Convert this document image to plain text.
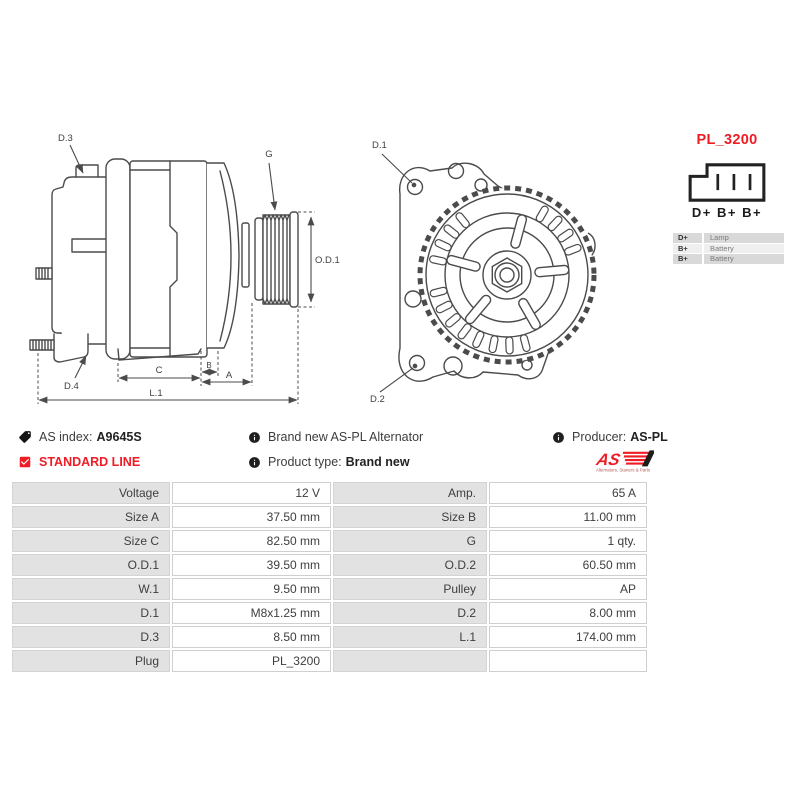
D.3
G
O.D.1
D.4
C	B
A
L.1
D.1
D.2
PL_3200
D+ B+ B+
D+	Lamp
B+	Battery
B+	Battery
AS index: A9645S
STANDARD LINE
Brand new AS-PL Alternator
Product type: Brand new
Producer: AS-PL
AS
Alternators, Starters & Parts
Voltage	12 V	Amp.	65 A
Size A	37.50 mm	Size B	11.00 mm
Size C	82.50 mm	G	1 qty.
O.D.1	39.50 mm	O.D.2	60.50 mm
W.1	9.50 mm	Pulley	AP
D.1	M8x1.25 mm	D.2	8.00 mm
D.3	8.50 mm	L.1	174.00 mm
Plug	PL_3200		
